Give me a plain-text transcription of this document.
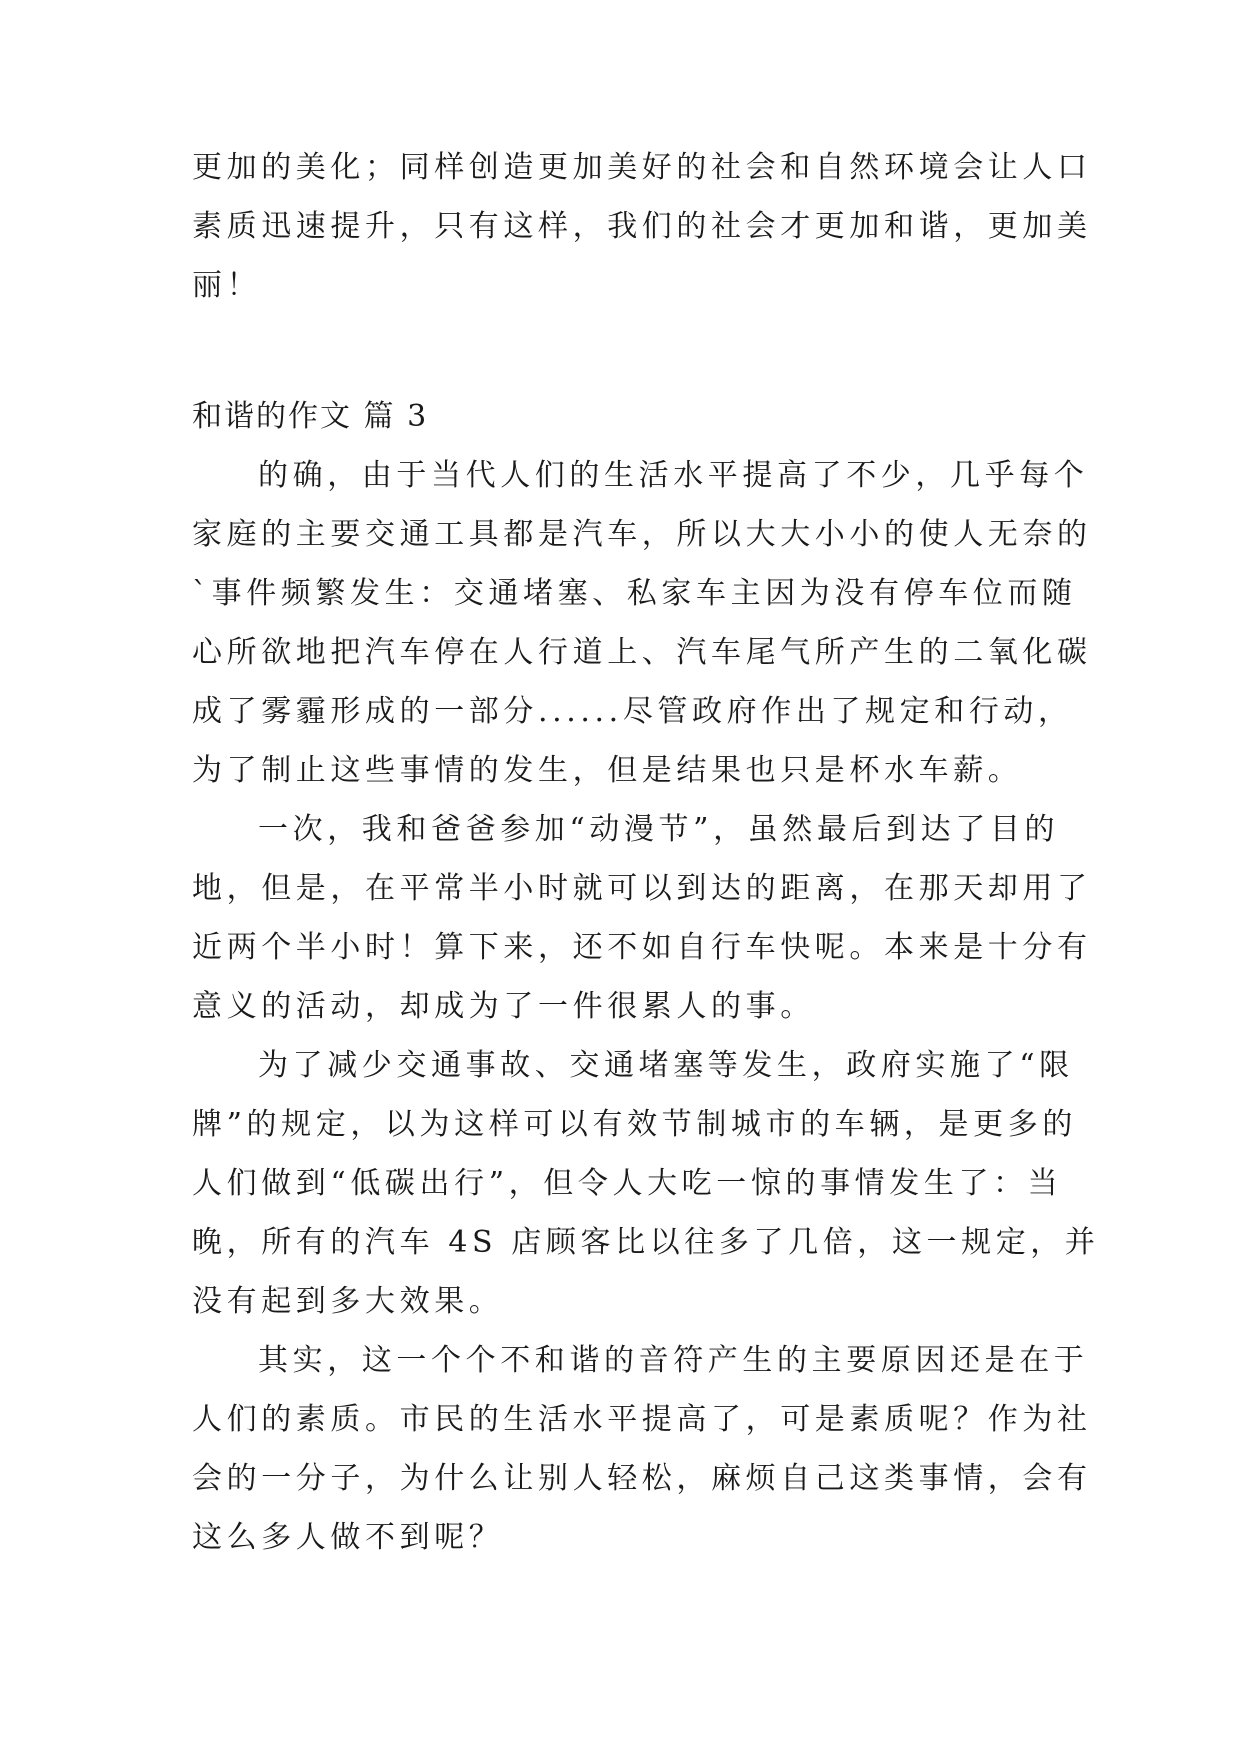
更加的美化；同样创造更加美好的社会和自然环境会让人口
素质迅速提升，只有这样，我们的社会才更加和谐，更加美
丽！
和谐的作文 篇 3
的确，由于当代人们的生活水平提高了不少，几乎每个
家庭的主要交通工具都是汽车，所以大大小小的使人无奈的
`事件频繁发生：交通堵塞、私家车主因为没有停车位而随
心所欲地把汽车停在人行道上、汽车尾气所产生的二氧化碳
成了雾霾形成的一部分......尽管政府作出了规定和行动，
为了制止这些事情的发生，但是结果也只是杯水车薪。
一次，我和爸爸参加“动漫节”，虽然最后到达了目的
地，但是，在平常半小时就可以到达的距离，在那天却用了
近两个半小时！算下来，还不如自行车快呢。本来是十分有
意义的活动，却成为了一件很累人的事。
为了减少交通事故、交通堵塞等发生，政府实施了“限
牌”的规定，以为这样可以有效节制城市的车辆，是更多的
人们做到“低碳出行”，但令人大吃一惊的事情发生了：当
晚，所有的汽车 4S 店顾客比以往多了几倍，这一规定，并
没有起到多大效果。
其实，这一个个不和谐的音符产生的主要原因还是在于
人们的素质。市民的生活水平提高了，可是素质呢？作为社
会的一分子，为什么让别人轻松，麻烦自己这类事情，会有
这么多人做不到呢？
